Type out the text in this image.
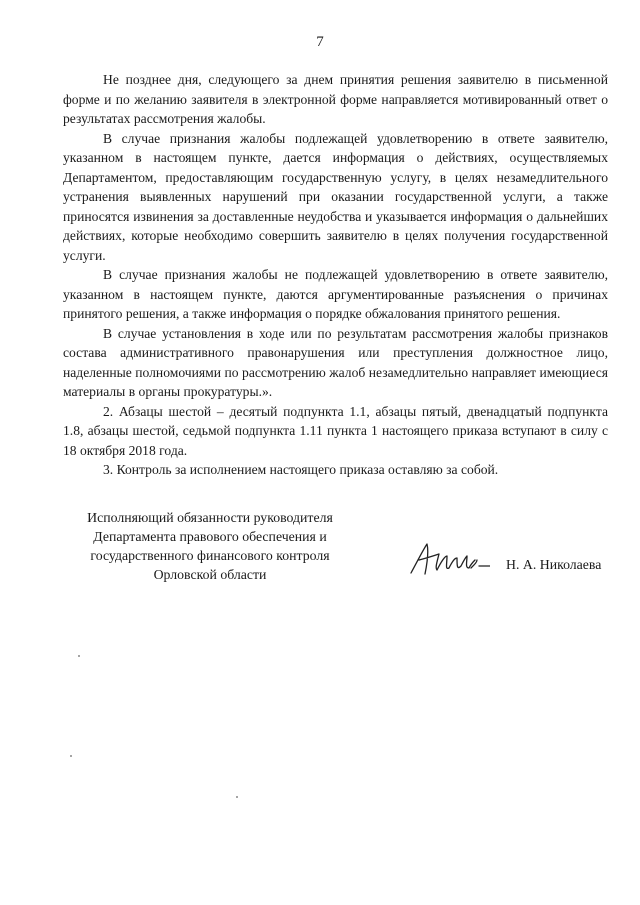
7

Не позднее дня, следующего за днем принятия решения заявителю в письменной форме и по желанию заявителя в электронной форме направляется мотивированный ответ о результатах рассмотрения жалобы.

В случае признания жалобы подлежащей удовлетворению в ответе заявителю, указанном в настоящем пункте, дается информация о действиях, осуществляемых Департаментом, предоставляющим государственную услугу, в целях незамедлительного устранения выявленных нарушений при оказании государственной услуги, а также приносятся извинения за доставленные неудобства и указывается информация о дальнейших действиях, которые необходимо совершить заявителю в целях получения государственной услуги.

В случае признания жалобы не подлежащей удовлетворению в ответе заявителю, указанном в настоящем пункте, даются аргументированные разъяснения о причинах принятого решения, а также информация о порядке обжалования принятого решения.

В случае установления в ходе или по результатам рассмотрения жалобы признаков состава административного правонарушения или преступления должностное лицо, наделенные полномочиями по рассмотрению жалоб незамедлительно направляет имеющиеся материалы в органы прокуратуры.».

2. Абзацы шестой – десятый подпункта 1.1, абзацы пятый, двенадцатый подпункта 1.8, абзацы шестой, седьмой подпункта 1.11 пункта 1 настоящего приказа вступают в силу с 18 октября 2018 года.

3. Контроль за исполнением настоящего приказа оставляю за собой.

Исполняющий обязанности руководителя
Департамента правового обеспечения и
государственного финансового контроля
Орловской области
Н. А. Николаева
